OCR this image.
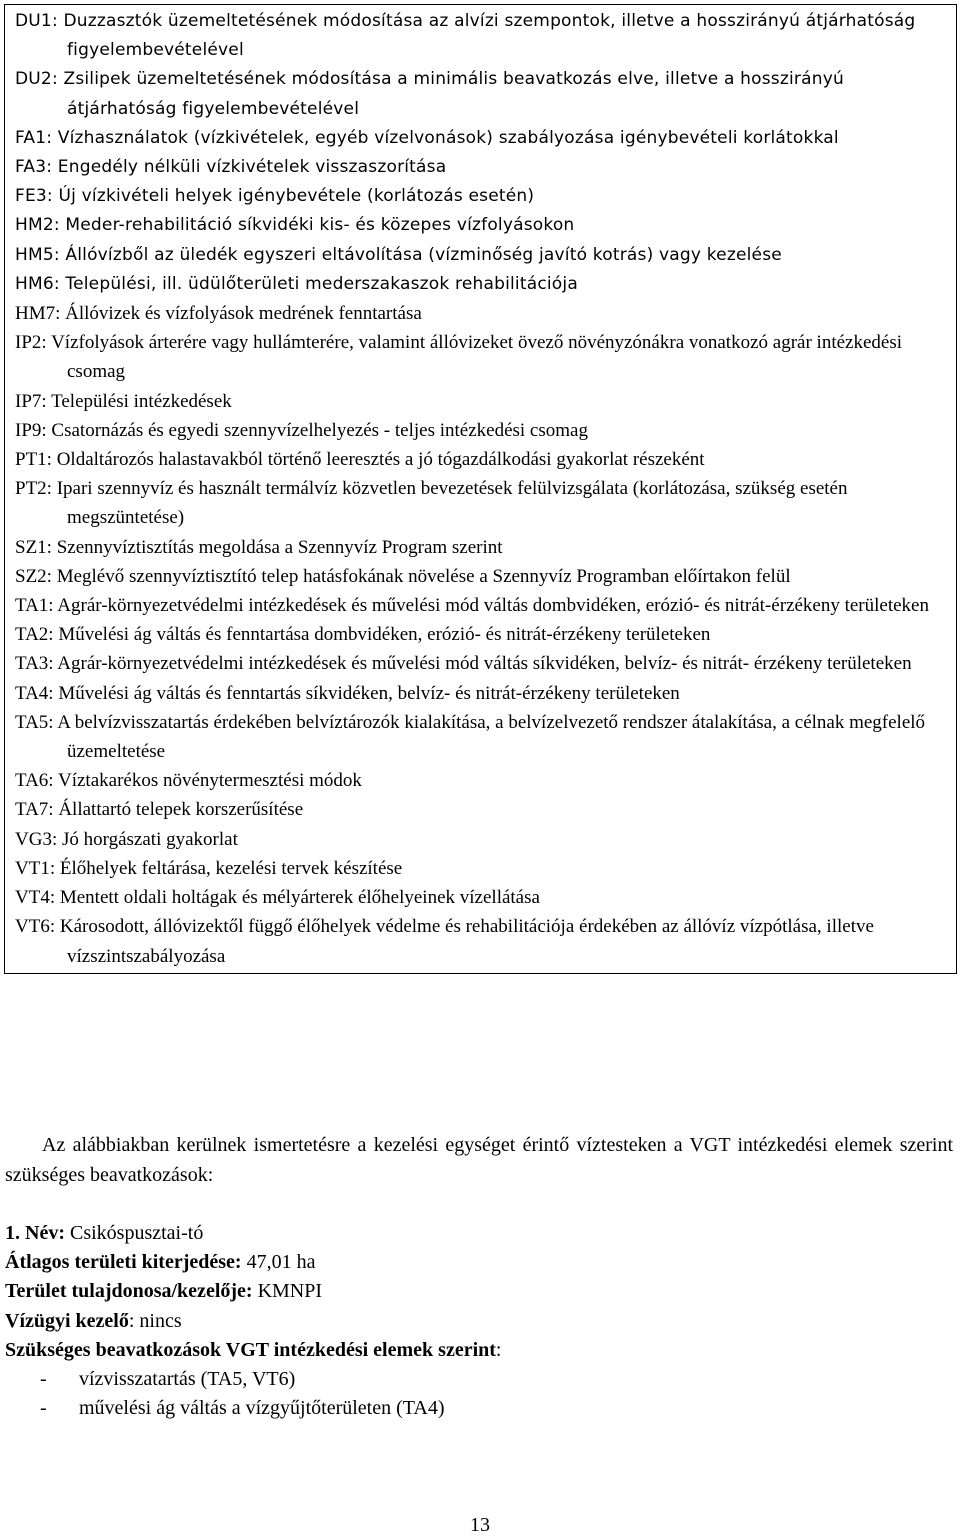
DU1: Duzzasztók üzemeltetésének módosítása az alvízi szempontok, illetve a hosszirányú átjárhatóság figyelembevételével
DU2: Zsilipek üzemeltetésének módosítása a minimális beavatkozás elve, illetve a hosszirányú átjárhatóság figyelembevételével
FA1: Vízhasználatok (vízkivételek, egyéb vízelvonások) szabályozása igénybevételi korlátokkal
FA3: Engedély nélküli vízkivételek visszaszorítása
FE3: Új vízkivételi helyek igénybevétele (korlátozás esetén)
HM2: Meder-rehabilitáció síkvidéki kis- és közepes vízfolyásokon
HM5: Állóvízből az üledék egyszeri eltávolítása (vízminőség javító kotrás) vagy kezelése
HM6: Települési, ill. üdülőterületi mederszakaszok rehabilitációja
HM7: Állóvizek és vízfolyások medrének fenntartása
IP2: Vízfolyások árterére vagy hullámterére, valamint állóvizeket övező növényzónákra vonatkozó agrár intézkedési csomag
IP7: Települési intézkedések
IP9: Csatornázás és egyedi szennyvízelhelyezés - teljes intézkedési csomag
PT1: Oldaltározós halastavakból történő leeresztés a jó tógazdálkodási gyakorlat részeként
PT2: Ipari szennyvíz és használt termálvíz közvetlen bevezetések felülvizsgálata (korlátozása, szükség esetén megszüntetése)
SZ1: Szennyvíztisztítás megoldása a Szennyvíz Program szerint
SZ2: Meglévő szennyvíztisztító telep hatásfokának növelése a Szennyvíz Programban előírtakon felül
TA1: Agrár-környezetvédelmi intézkedések és művelési mód váltás dombvidéken, erózió- és nitrát-érzékeny területeken
TA2: Művelési ág váltás és fenntartása dombvidéken, erózió- és nitrát-érzékeny területeken
TA3: Agrár-környezetvédelmi intézkedések és művelési mód váltás síkvidéken, belvíz- és nitrát- érzékeny területeken
TA4: Művelési ág váltás és fenntartás síkvidéken, belvíz- és nitrát-érzékeny területeken
TA5: A belvízvisszatartás érdekében belvíztározók kialakítása, a belvízelvezető rendszer átalakítása, a célnak megfelelő üzemeltetése
TA6: Víztakarékos növénytermesztési módok
TA7: Állattartó telepek korszerűsítése
VG3: Jó horgászati gyakorlat
VT1: Élőhelyek feltárása, kezelési tervek készítése
VT4: Mentett oldali holtágak és mélyárterek élőhelyeinek vízellátása
VT6: Károsodott, állóvizektől függő élőhelyek védelme és rehabilitációja érdekében az állóvíz vízpótlása, illetve vízszintszabályozása

Az alábbiakban kerülnek ismertetésre a kezelési egységet érintő víztesteken a VGT intézkedési elemek szerint szükséges beavatkozások:

1. Név: Csikóspusztai-tó
Átlagos területi kiterjedése: 47,01 ha
Terület tulajdonosa/kezelője: KMNPI
Vízügyi kezelő: nincs
Szükséges beavatkozások VGT intézkedési elemek szerint:
- vízvisszatartás (TA5, VT6)
- művelési ág váltás a vízgyűjtőterületen (TA4)
13
